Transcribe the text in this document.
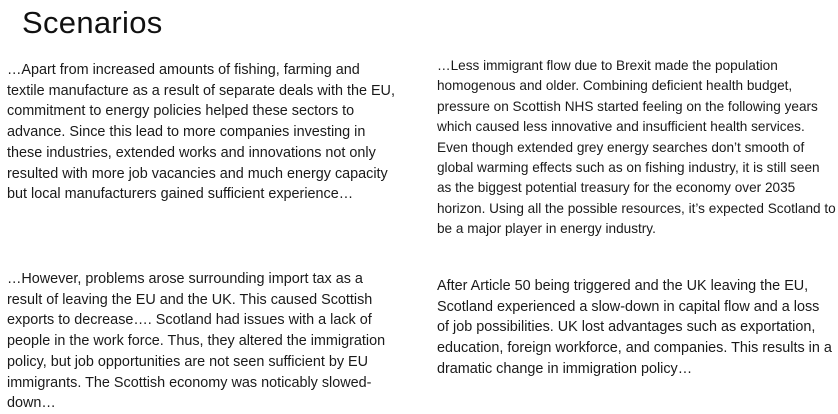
Scenarios

…Apart from increased amounts of fishing, farming and textile manufacture as a result of separate deals with the EU, commitment to energy policies helped these sectors to advance. Since this lead to more companies investing in these industries, extended works and innovations not only resulted with more job vacancies and much energy capacity but local manufacturers gained sufficient experience…

…Less immigrant flow due to Brexit made the population homogenous and older. Combining deficient health budget, pressure on Scottish NHS started feeling on the following years which caused less innovative and insufficient health services. Even though extended grey energy searches don’t smooth of global warming effects such as on fishing industry, it is still seen as the biggest potential treasury for the economy over 2035 horizon. Using all the possible resources, it’s expected Scotland to be a major player in energy industry.

…However, problems arose surrounding import tax as a result of leaving the EU and the UK. This caused Scottish exports to decrease…. Scotland had issues with a lack of people in the work force. Thus, they altered the immigration policy, but job opportunities are not seen sufficient by EU immigrants. The Scottish economy was noticably slowed-down…

After Article 50 being triggered and the UK leaving the EU, Scotland experienced a slow-down in capital flow and a loss of job possibilities. UK lost advantages such as exportation, education, foreign workforce, and companies. This results in a dramatic change in immigration policy…
